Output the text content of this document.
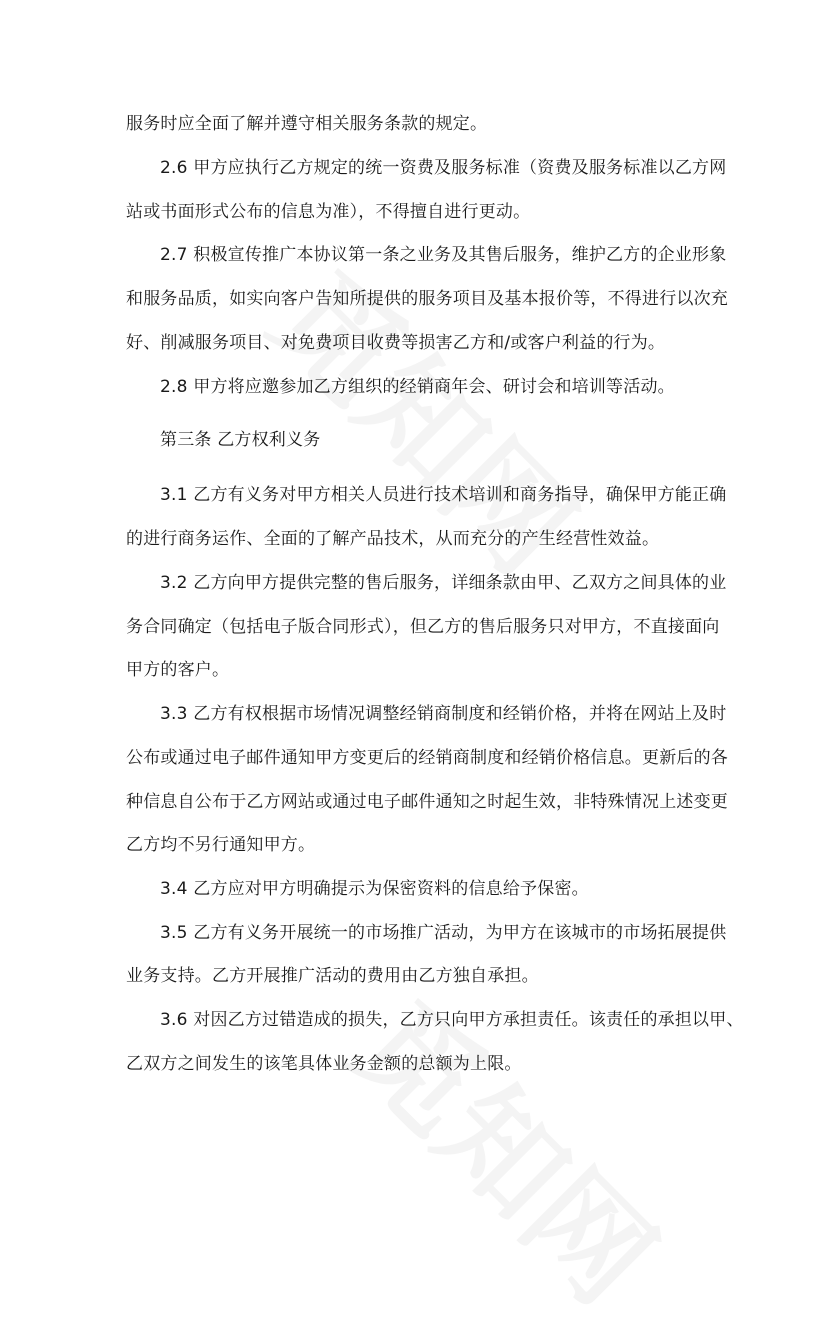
服务时应全面了解并遵守相关服务条款的规定。
2.6 甲方应执行乙方规定的统一资费及服务标准（资费及服务标准以乙方网
站或书面形式公布的信息为准），不得擅自进行更动。
2.7 积极宣传推广本协议第一条之业务及其售后服务，维护乙方的企业形象
和服务品质，如实向客户告知所提供的服务项目及基本报价等，不得进行以次充
好、削减服务项目、对免费项目收费等损害乙方和/或客户利益的行为。
2.8 甲方将应邀参加乙方组织的经销商年会、研讨会和培训等活动。
第三条 乙方权利义务
3.1 乙方有义务对甲方相关人员进行技术培训和商务指导，确保甲方能正确
的进行商务运作、全面的了解产品技术，从而充分的产生经营性效益。
3.2 乙方向甲方提供完整的售后服务，详细条款由甲、乙双方之间具体的业
务合同确定（包括电子版合同形式），但乙方的售后服务只对甲方，不直接面向
甲方的客户。
3.3 乙方有权根据市场情况调整经销商制度和经销价格，并将在网站上及时
公布或通过电子邮件通知甲方变更后的经销商制度和经销价格信息。更新后的各
种信息自公布于乙方网站或通过电子邮件通知之时起生效，非特殊情况上述变更
乙方均不另行通知甲方。
3.4 乙方应对甲方明确提示为保密资料的信息给予保密。
3.5 乙方有义务开展统一的市场推广活动，为甲方在该城市的市场拓展提供
业务支持。乙方开展推广活动的费用由乙方独自承担。
3.6 对因乙方过错造成的损失，乙方只向甲方承担责任。该责任的承担以甲、
乙双方之间发生的该笔具体业务金额的总额为上限。
